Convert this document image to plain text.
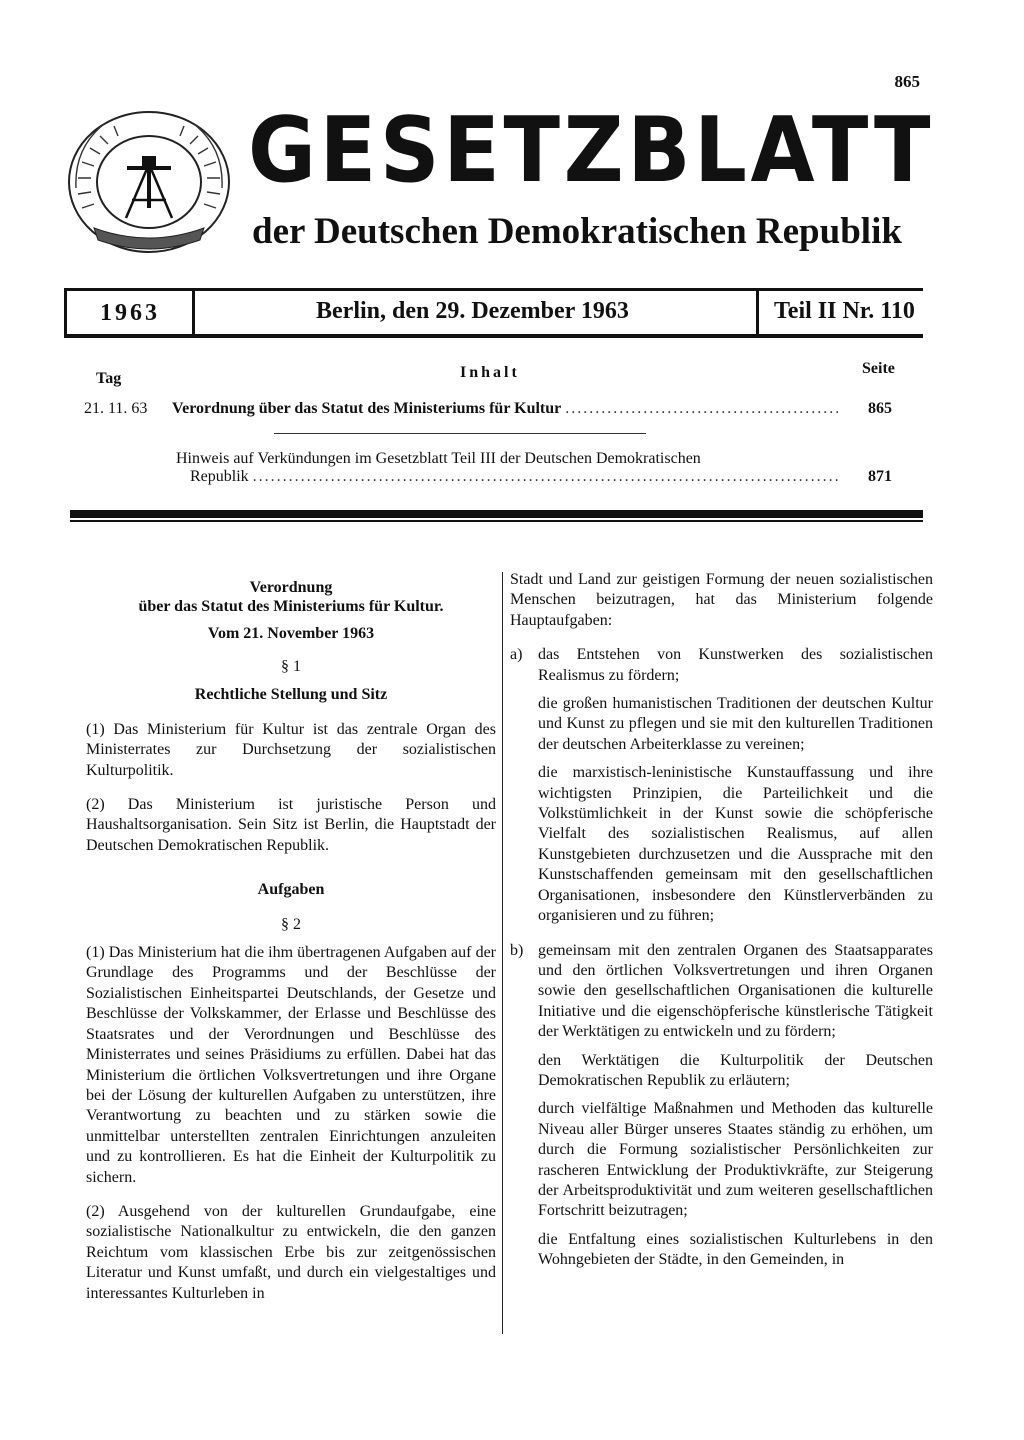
865
GESETZBLATT
der Deutschen Demokratischen Republik
1963	Berlin, den 29. Dezember 1963	Teil II Nr. 110
Tag	Inhalt	Seite
21. 11. 63	Verordnung über das Statut des Ministeriums für Kultur . . .	865
Hinweis auf Verkündungen im Gesetzblatt Teil III der Deutschen Demokratischen
Republik . . .	871
Verordnung
über das Statut des Ministeriums für Kultur.
Vom 21. November 1963
§ 1
Rechtliche Stellung und Sitz

(1) Das Ministerium für Kultur ist das zentrale Organ des Ministerrates zur Durchsetzung der sozialistischen Kulturpolitik.

(2) Das Ministerium ist juristische Person und Haushaltsorganisation. Sein Sitz ist Berlin, die Hauptstadt der Deutschen Demokratischen Republik.

Aufgaben
§ 2

(1) Das Ministerium hat die ihm übertragenen Aufgaben auf der Grundlage des Programms und der Beschlüsse der Sozialistischen Einheitspartei Deutschlands, der Gesetze und Beschlüsse der Volkskammer, der Erlasse und Beschlüsse des Staatsrates und der Verordnungen und Beschlüsse des Ministerrates und seines Präsidiums zu erfüllen. Dabei hat das Ministerium die örtlichen Volksvertretungen und ihre Organe bei der Lösung der kulturellen Aufgaben zu unterstützen, ihre Verantwortung zu beachten und zu stärken sowie die unmittelbar unterstellten zentralen Einrichtungen anzuleiten und zu kontrollieren. Es hat die Einheit der Kulturpolitik zu sichern.

(2) Ausgehend von der kulturellen Grundaufgabe, eine sozialistische Nationalkultur zu entwickeln, die den ganzen Reichtum vom klassischen Erbe bis zur zeitgenössischen Literatur und Kunst umfaßt, und durch ein vielgestaltiges und interessantes Kulturleben in

Stadt und Land zur geistigen Formung der neuen sozialistischen Menschen beizutragen, hat das Ministerium folgende Hauptaufgaben:

a) das Entstehen von Kunstwerken des sozialistischen Realismus zu fördern;

die großen humanistischen Traditionen der deutschen Kultur und Kunst zu pflegen und sie mit den kulturellen Traditionen der deutschen Arbeiterklasse zu vereinen;

die marxistisch-leninistische Kunstauffassung und ihre wichtigsten Prinzipien, die Parteilichkeit und die Volkstümlichkeit in der Kunst sowie die schöpferische Vielfalt des sozialistischen Realismus, auf allen Kunstgebieten durchzusetzen und die Aussprache mit den Kunstschaffenden gemeinsam mit den gesellschaftlichen Organisationen, insbesondere den Künstlerverbänden zu organisieren und zu führen;

b) gemeinsam mit den zentralen Organen des Staatsapparates und den örtlichen Volksvertretungen und ihren Organen sowie den gesellschaftlichen Organisationen die kulturelle Initiative und die eigenschöpferische künstlerische Tätigkeit der Werktätigen zu entwickeln und zu fördern;

den Werktätigen die Kulturpolitik der Deutschen Demokratischen Republik zu erläutern;

durch vielfältige Maßnahmen und Methoden das kulturelle Niveau aller Bürger unseres Staates ständig zu erhöhen, um durch die Formung sozialistischer Persönlichkeiten zur rascheren Entwicklung der Produktivkräfte, zur Steigerung der Arbeitsproduktivität und zum weiteren gesellschaftlichen Fortschritt beizutragen;

die Entfaltung eines sozialistischen Kulturlebens in den Wohngebieten der Städte, in den Gemeinden, in
